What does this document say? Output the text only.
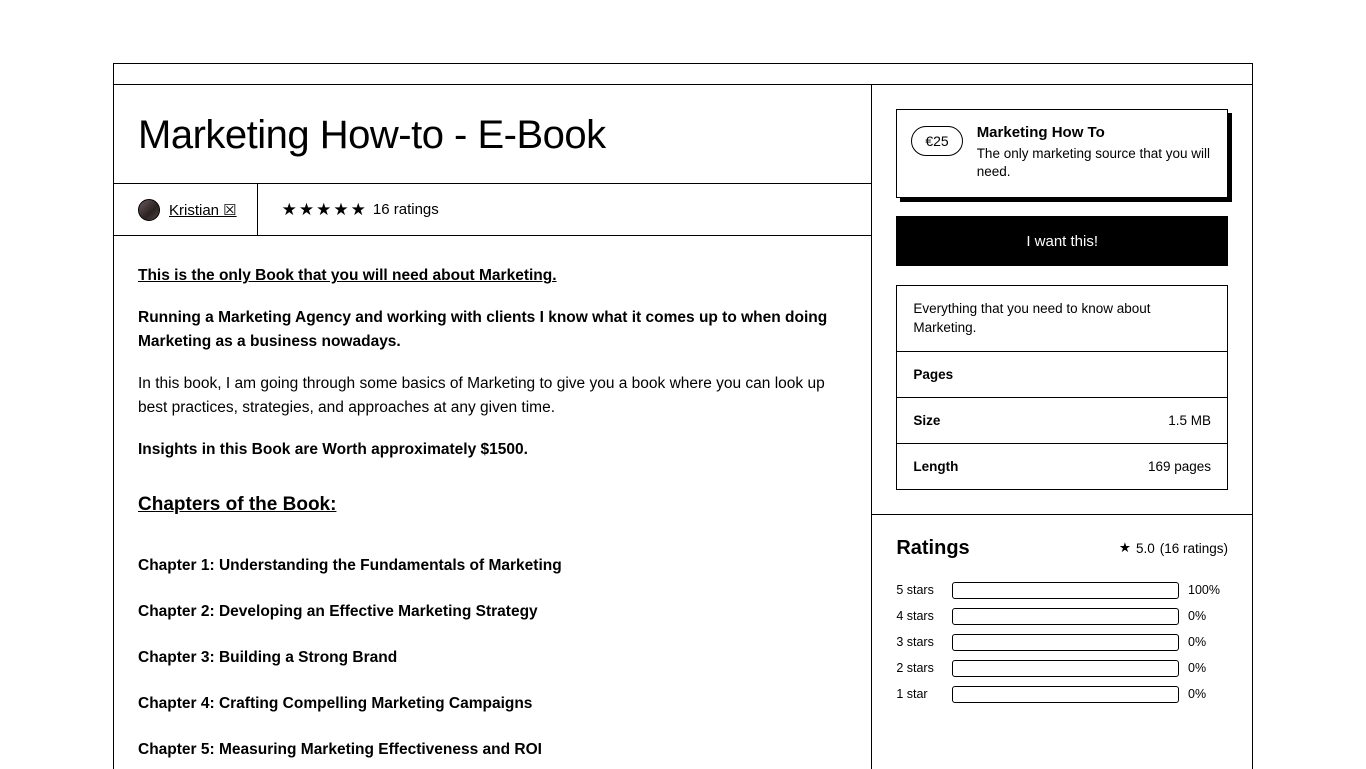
Marketing How-to - E-Book
Kristian ☒	★ ★ ★ ★ ★ 16 ratings

This is the only Book that you will need about Marketing.

Running a Marketing Agency and working with clients I know what it comes up to when doing Marketing as a business nowadays.

In this book, I am going through some basics of Marketing to give you a book where you can look up best practices, strategies, and approaches at any given time.

Insights in this Book are Worth approximately $1500.

Chapters of the Book:

Chapter 1: Understanding the Fundamentals of Marketing

Chapter 2: Developing an Effective Marketing Strategy

Chapter 3: Building a Strong Brand

Chapter 4: Crafting Compelling Marketing Campaigns

Chapter 5: Measuring Marketing Effectiveness and ROI

€25	Marketing How To

The only marketing source that you will need.

I want this!
Everything that you need to know about Marketing.
Pages
Size	1.5 MB
Length	169 pages
Ratings	★ 5.0 (16 ratings)
5 stars	100%
4 stars	0%
3 stars	0%
2 stars	0%
1 star	0%
